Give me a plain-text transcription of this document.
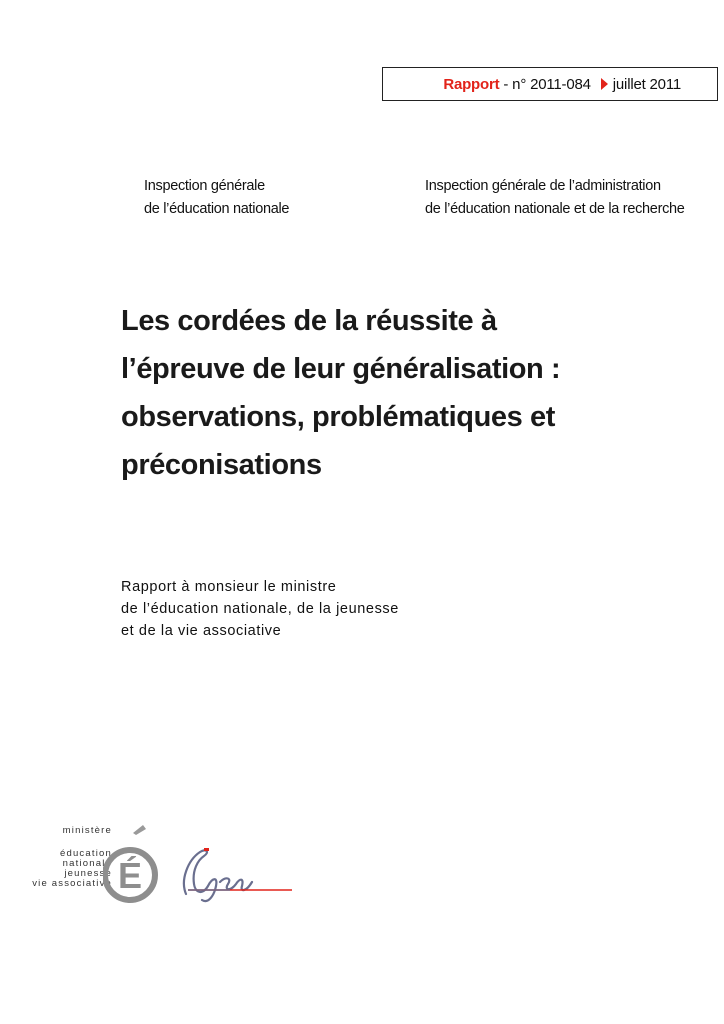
Rapport - n° 2011-084 juillet 2011
Inspection générale
de l’éducation nationale
Inspection générale de l’administration
de l’éducation nationale et de la recherche
Les cordées de la réussite à
l’épreuve de leur généralisation :
observations, problématiques et
préconisations
Rapport à monsieur le ministre
de l’éducation nationale, de la jeunesse
et de la vie associative
ministère
éducation
nationale
jeunesse
vie associative É
